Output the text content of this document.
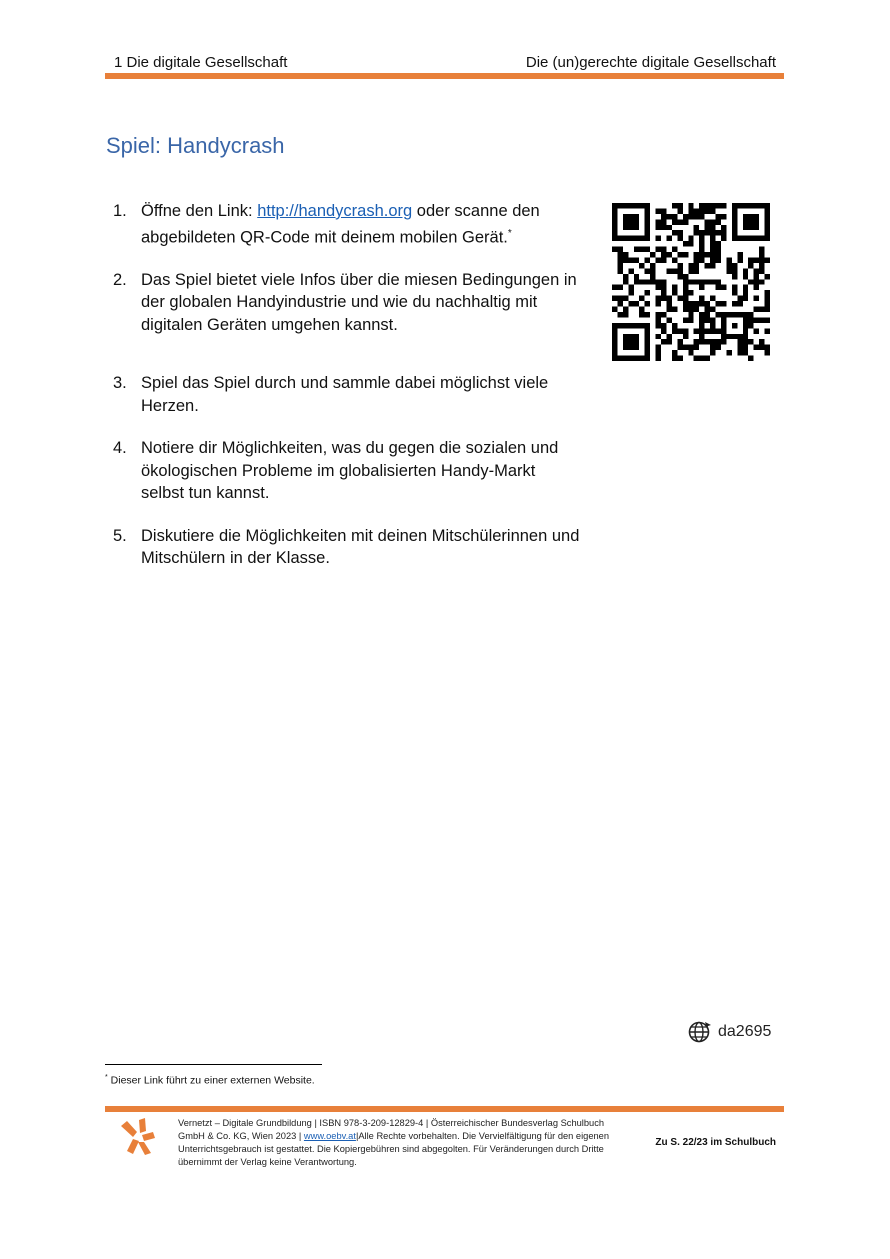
1 Die digitale Gesellschaft	Die (un)gerechte digitale Gesellschaft
Spiel: Handycrash
1. Öffne den Link: http://handycrash.org oder scanne den abgebildeten QR-Code mit deinem mobilen Gerät.*
2. Das Spiel bietet viele Infos über die miesen Bedingungen in der globalen Handyindustrie und wie du nachhaltig mit digitalen Geräten umgehen kannst.
3. Spiel das Spiel durch und sammle dabei möglichst viele Herzen.
4. Notiere dir Möglichkeiten, was du gegen die sozialen und ökologischen Probleme im globalisierten Handy-Markt selbst tun kannst.
5. Diskutiere die Möglichkeiten mit deinen Mitschülerinnen und Mitschülern in der Klasse.
da2695
* Dieser Link führt zu einer externen Website.
Vernetzt – Digitale Grundbildung | ISBN 978-3-209-12829-4 | Österreichischer Bundesverlag Schulbuch GmbH & Co. KG, Wien 2023 | www.oebv.at|Alle Rechte vorbehalten. Die Vervielfältigung für den eigenen Unterrichtsgebrauch ist gestattet. Die Kopiergebühren sind abgegolten. Für Veränderungen durch Dritte übernimmt der Verlag keine Verantwortung.
Zu S. 22/23 im Schulbuch
